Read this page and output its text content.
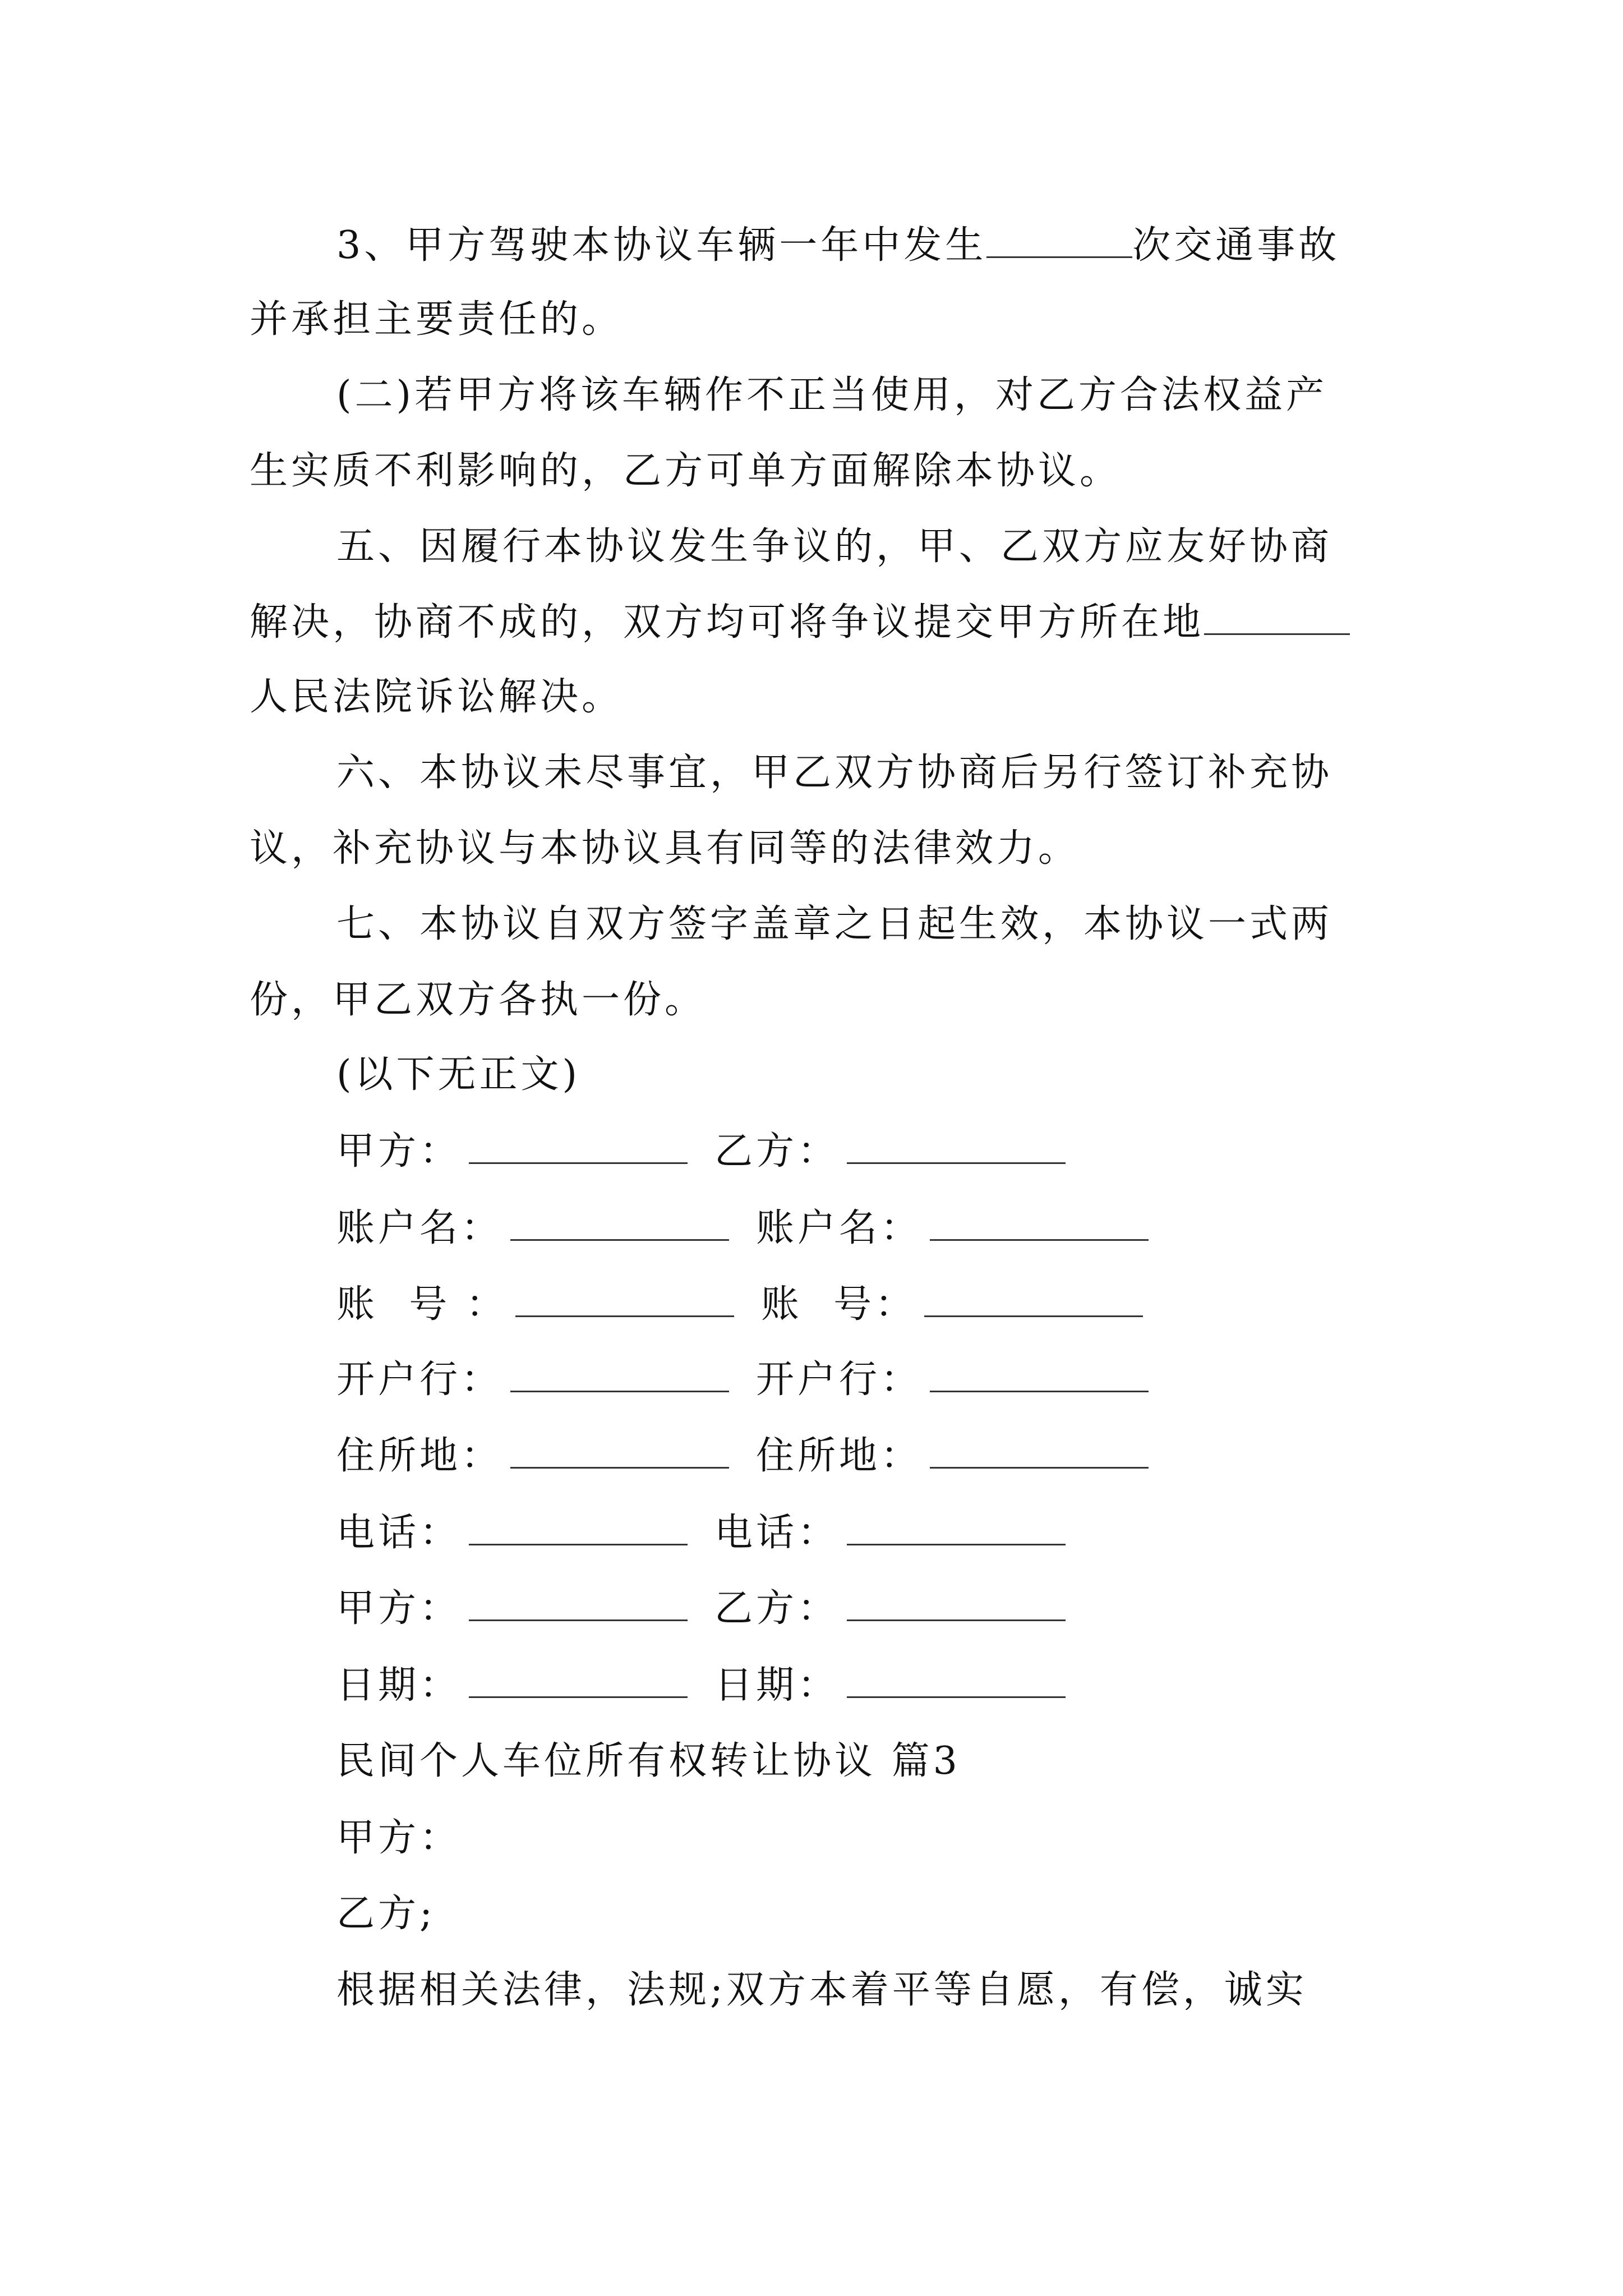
3、甲方驾驶本协议车辆一年中发生	次交通事故
并承担主要责任的。
(二)若甲方将该车辆作不正当使用，对乙方合法权益产
生实质不利影响的，乙方可单方面解除本协议。
五、因履行本协议发生争议的，甲、乙双方应友好协商
解决，协商不成的，双方均可将争议提交甲方所在地
人民法院诉讼解决。
六、本协议未尽事宜，甲乙双方协商后另行签订补充协
议，补充协议与本协议具有同等的法律效力。
七、本协议自双方签字盖章之日起生效，本协议一式两
份，甲乙双方各执一份。
(以下无正文)
甲方：	乙方：
账户名：	账户名：
账  号 ：	账  号：
开户行：	开户行：
住所地：	住所地：
电话：	电话：
甲方：	乙方：
日期：	日期：
民间个人车位所有权转让协议 篇3
甲方：
乙方;
根据相关法律，法规;双方本着平等自愿，有偿，诚实
